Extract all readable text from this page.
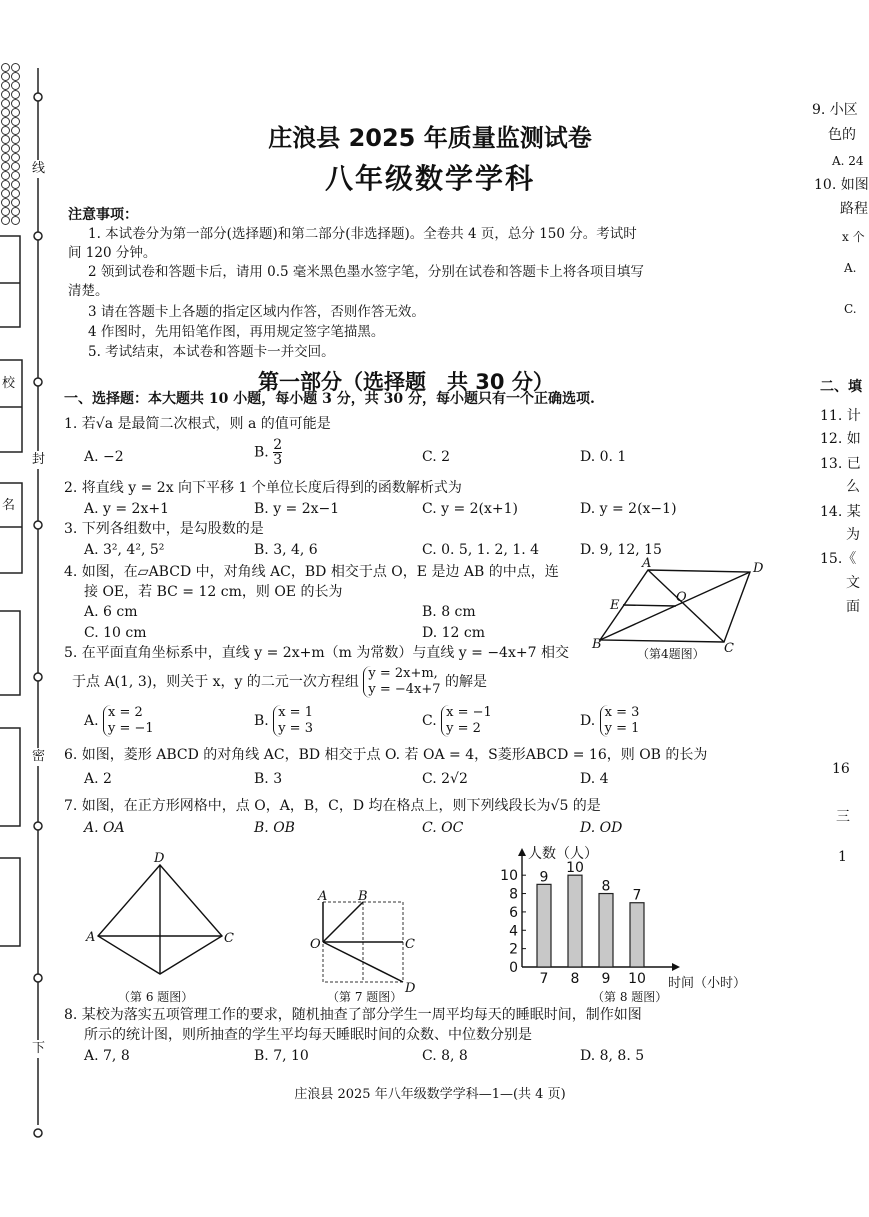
线
封
密
下
校
名
庄浪县 2025 年质量监测试卷
八年级数学学科
注意事项：
1. 本试卷分为第一部分(选择题)和第二部分(非选择题)。全卷共 4 页，总分 150 分。考试时
间 120 分钟。
2 领到试卷和答题卡后，请用 0.5 毫米黑色墨水签字笔，分别在试卷和答题卡上将各项目填写
清楚。
3 请在答题卡上各题的指定区域内作答，否则作答无效。
4 作图时，先用铅笔作图，再用规定签字笔描黑。
5. 考试结束，本试卷和答题卡一并交回。
第一部分（选择题　共 30 分）
一、选择题：本大题共 10 小题，每小题 3 分，共 30 分，每小题只有一个正确选项.
1. 若√a 是最简二次根式，则 a 的值可能是
A. −2	B. $\frac{2}{3}$	C. 2	D. 0. 1
2. 将直线 y = 2x 向下平移 1 个单位长度后得到的函数解析式为
A. y = 2x+1	B. y = 2x−1	C. y = 2(x+1)	D. y = 2(x−1)
3. 下列各组数中，是勾股数的是
A. 3², 4², 5²	B. 3, 4, 6	C. 0. 5, 1. 2, 1. 4	D. 9, 12, 15
4. 如图，在▱ABCD 中，对角线 AC，BD 相交于点 O，E 是边 AB 的中点，连
接 OE，若 BC = 12 cm，则 OE 的长为
A. 6 cm	B. 8 cm
C. 10 cm	D. 12 cm
A	D
E
O
B	C
（第4题图）
5. 在平面直角坐标系中，直线 y = 2x+m（m 为常数）与直线 y = −4x+7 相交
于点 A(1, 3)，则关于 x，y 的二元一次方程组 y = 2x+m,
y = −4x+7 的解是
A. x = 2
y = −1	B. x = 1
y = 3	C. x = −1
y = 2	D. x = 3
y = 1
6. 如图，菱形 ABCD 的对角线 AC，BD 相交于点 O. 若 OA = 4，S菱形ABCD = 16，则 OB 的长为
A. 2	B. 3	C. 2√2	D. 4
7. 如图，在正方形网格中，点 O，A，B，C，D 均在格点上，则下列线段长为√5 的是
A. OA	B. OB	C. OC	D. OD
D
A	C
（第 6 题图）
A B
O	C
D
（第 7 题图）
0
2
4
6
8
10 9
7
10
8
8
9
7
10
人数（人）
时间（小时）
（第 8 题图）
8. 某校为落实五项管理工作的要求，随机抽查了部分学生一周平均每天的睡眠时间，制作如图
所示的统计图，则所抽查的学生平均每天睡眠时间的众数、中位数分别是
A. 7, 8	B. 7, 10	C. 8, 8	D. 8, 8. 5
庄浪县 2025 年八年级数学学科—1—(共 4 页)
9. 小区
色的
A. 24
10. 如图
路程
x 个
A.
C.
二、填
11. 计
12. 如
13. 已
么
14. 某
为
15.《
文
面
16
三
1
